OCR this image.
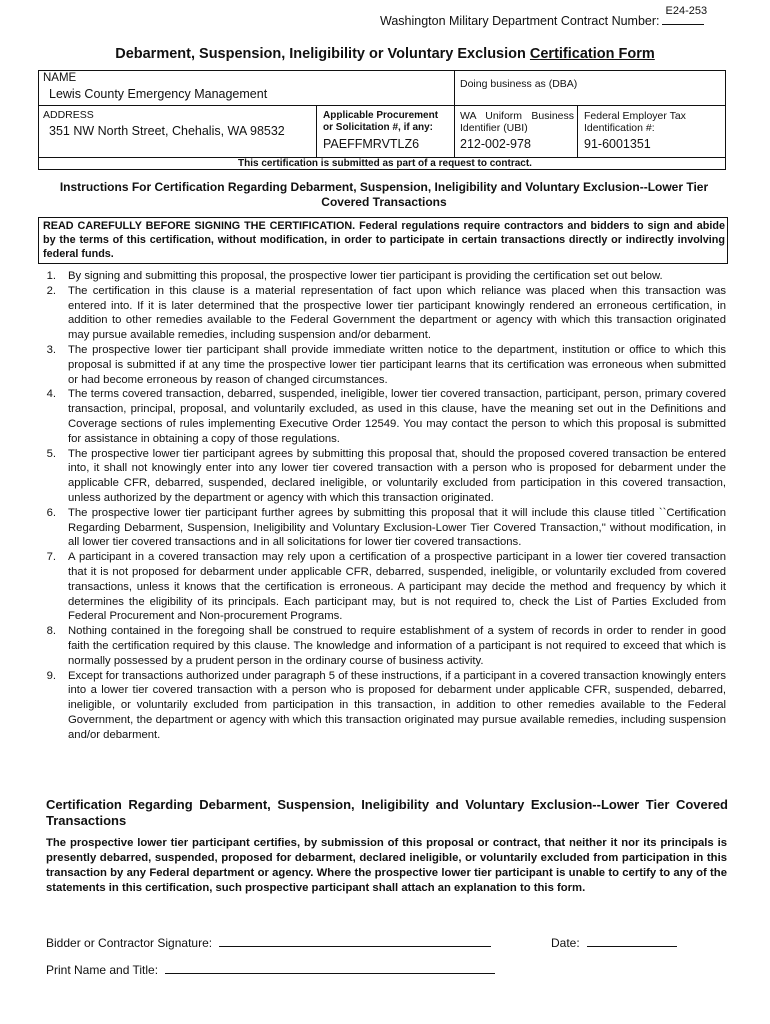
Washington Military Department Contract Number:
E24-253
Debarment, Suspension, Ineligibility or Voluntary Exclusion Certification Form
NAME
Lewis County Emergency Management
Doing business as (DBA)
ADDRESS
351 NW North Street, Chehalis, WA 98532
Applicable Procurement
or Solicitation #, if any:
PAEFFMRVTLZ6
WA Uniform Business
Identifier (UBI)
212-002-978
Federal Employer Tax
Identification #:
91-6001351
This certification is submitted as part of a request to contract.
Instructions For Certification Regarding Debarment, Suspension, Ineligibility and Voluntary Exclusion--Lower Tier Covered Transactions
READ CAREFULLY BEFORE SIGNING THE CERTIFICATION. Federal regulations require contractors and bidders to sign and abide by the terms of this certification, without modification, in order to participate in certain transactions directly or indirectly involving federal funds.
1. By signing and submitting this proposal, the prospective lower tier participant is providing the certification set out below.
2. The certification in this clause is a material representation of fact upon which reliance was placed when this transaction was entered into. If it is later determined that the prospective lower tier participant knowingly rendered an erroneous certification, in addition to other remedies available to the Federal Government the department or agency with which this transaction originated may pursue available remedies, including suspension and/or debarment.
3. The prospective lower tier participant shall provide immediate written notice to the department, institution or office to which this proposal is submitted if at any time the prospective lower tier participant learns that its certification was erroneous when submitted or had become erroneous by reason of changed circumstances.
4. The terms covered transaction, debarred, suspended, ineligible, lower tier covered transaction, participant, person, primary covered transaction, principal, proposal, and voluntarily excluded, as used in this clause, have the meaning set out in the Definitions and Coverage sections of rules implementing Executive Order 12549. You may contact the person to which this proposal is submitted for assistance in obtaining a copy of those regulations.
5. The prospective lower tier participant agrees by submitting this proposal that, should the proposed covered transaction be entered into, it shall not knowingly enter into any lower tier covered transaction with a person who is proposed for debarment under the applicable CFR, debarred, suspended, declared ineligible, or voluntarily excluded from participation in this covered transaction, unless authorized by the department or agency with which this transaction originated.
6. The prospective lower tier participant further agrees by submitting this proposal that it will include this clause titled ``Certification Regarding Debarment, Suspension, Ineligibility and Voluntary Exclusion-Lower Tier Covered Transaction,'' without modification, in all lower tier covered transactions and in all solicitations for lower tier covered transactions.
7. A participant in a covered transaction may rely upon a certification of a prospective participant in a lower tier covered transaction that it is not proposed for debarment under applicable CFR, debarred, suspended, ineligible, or voluntarily excluded from covered transactions, unless it knows that the certification is erroneous. A participant may decide the method and frequency by which it determines the eligibility of its principals. Each participant may, but is not required to, check the List of Parties Excluded from Federal Procurement and Non-procurement Programs.
8. Nothing contained in the foregoing shall be construed to require establishment of a system of records in order to render in good faith the certification required by this clause. The knowledge and information of a participant is not required to exceed that which is normally possessed by a prudent person in the ordinary course of business activity.
9. Except for transactions authorized under paragraph 5 of these instructions, if a participant in a covered transaction knowingly enters into a lower tier covered transaction with a person who is proposed for debarment under applicable CFR, suspended, debarred, ineligible, or voluntarily excluded from participation in this transaction, in addition to other remedies available to the Federal Government, the department or agency with which this transaction originated may pursue available remedies, including suspension and/or debarment.
Certification Regarding Debarment, Suspension, Ineligibility and Voluntary Exclusion--Lower Tier Covered Transactions
The prospective lower tier participant certifies, by submission of this proposal or contract, that neither it nor its principals is presently debarred, suspended, proposed for debarment, declared ineligible, or voluntarily excluded from participation in this transaction by any Federal department or agency. Where the prospective lower tier participant is unable to certify to any of the statements in this certification, such prospective participant shall attach an explanation to this form.
Bidder or Contractor Signature:	Date:
Print Name and Title:
